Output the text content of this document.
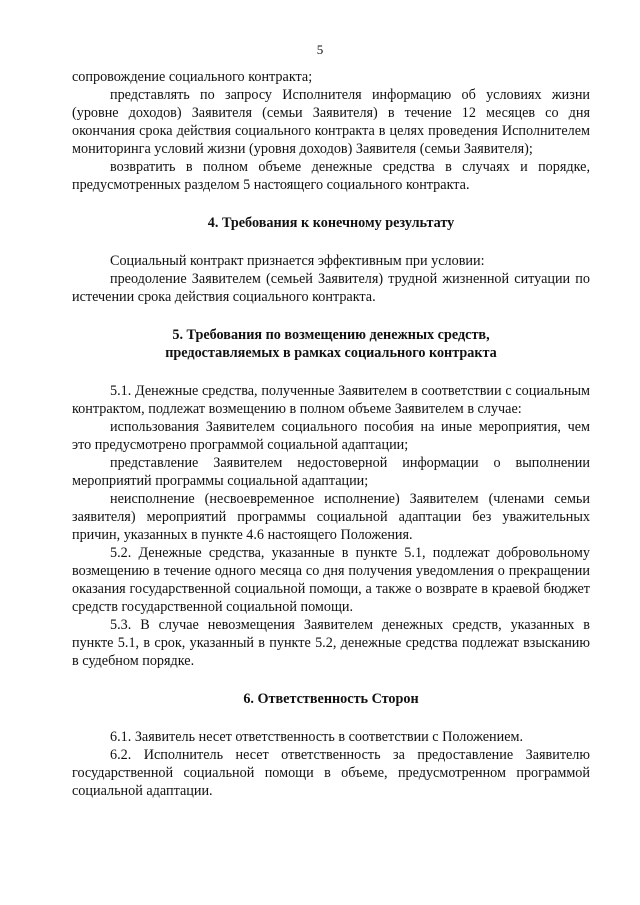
5

сопровождение социального контракта;

представлять по запросу Исполнителя информацию об условиях жизни (уровне доходов) Заявителя (семьи Заявителя) в течение 12 месяцев со дня окончания срока действия социального контракта в целях проведения Исполнителем мониторинга условий жизни (уровня доходов) Заявителя (семьи Заявителя);

возвратить в полном объеме денежные средства в случаях и порядке, предусмотренных разделом 5 настоящего социального контракта.

4. Требования к конечному результату

Социальный контракт признается эффективным при условии:

преодоление Заявителем (семьей Заявителя) трудной жизненной ситуации по истечении срока действия социального контракта.

5. Требования по возмещению денежных средств,
предоставляемых в рамках социального контракта

5.1. Денежные средства, полученные Заявителем в соответствии с социальным контрактом, подлежат возмещению в полном объеме Заявителем в случае:

использования Заявителем социального пособия на иные мероприятия, чем это предусмотрено программой социальной адаптации;

представление Заявителем недостоверной информации о выполнении мероприятий программы социальной адаптации;

неисполнение (несвоевременное исполнение) Заявителем (членами семьи заявителя) мероприятий программы социальной адаптации без уважительных причин, указанных в пункте 4.6 настоящего Положения.

5.2. Денежные средства, указанные в пункте 5.1, подлежат добровольному возмещению в течение одного месяца со дня получения уведомления о прекращении оказания государственной социальной помощи, а также о возврате в краевой бюджет средств государственной социальной помощи.

5.3. В случае невозмещения Заявителем денежных средств, указанных в пункте 5.1, в срок, указанный в пункте 5.2, денежные средства подлежат взысканию в судебном порядке.

6. Ответственность Сторон

6.1. Заявитель несет ответственность в соответствии с Положением.

6.2. Исполнитель несет ответственность за предоставление Заявителю государственной социальной помощи в объеме, предусмотренном программой социальной адаптации.
